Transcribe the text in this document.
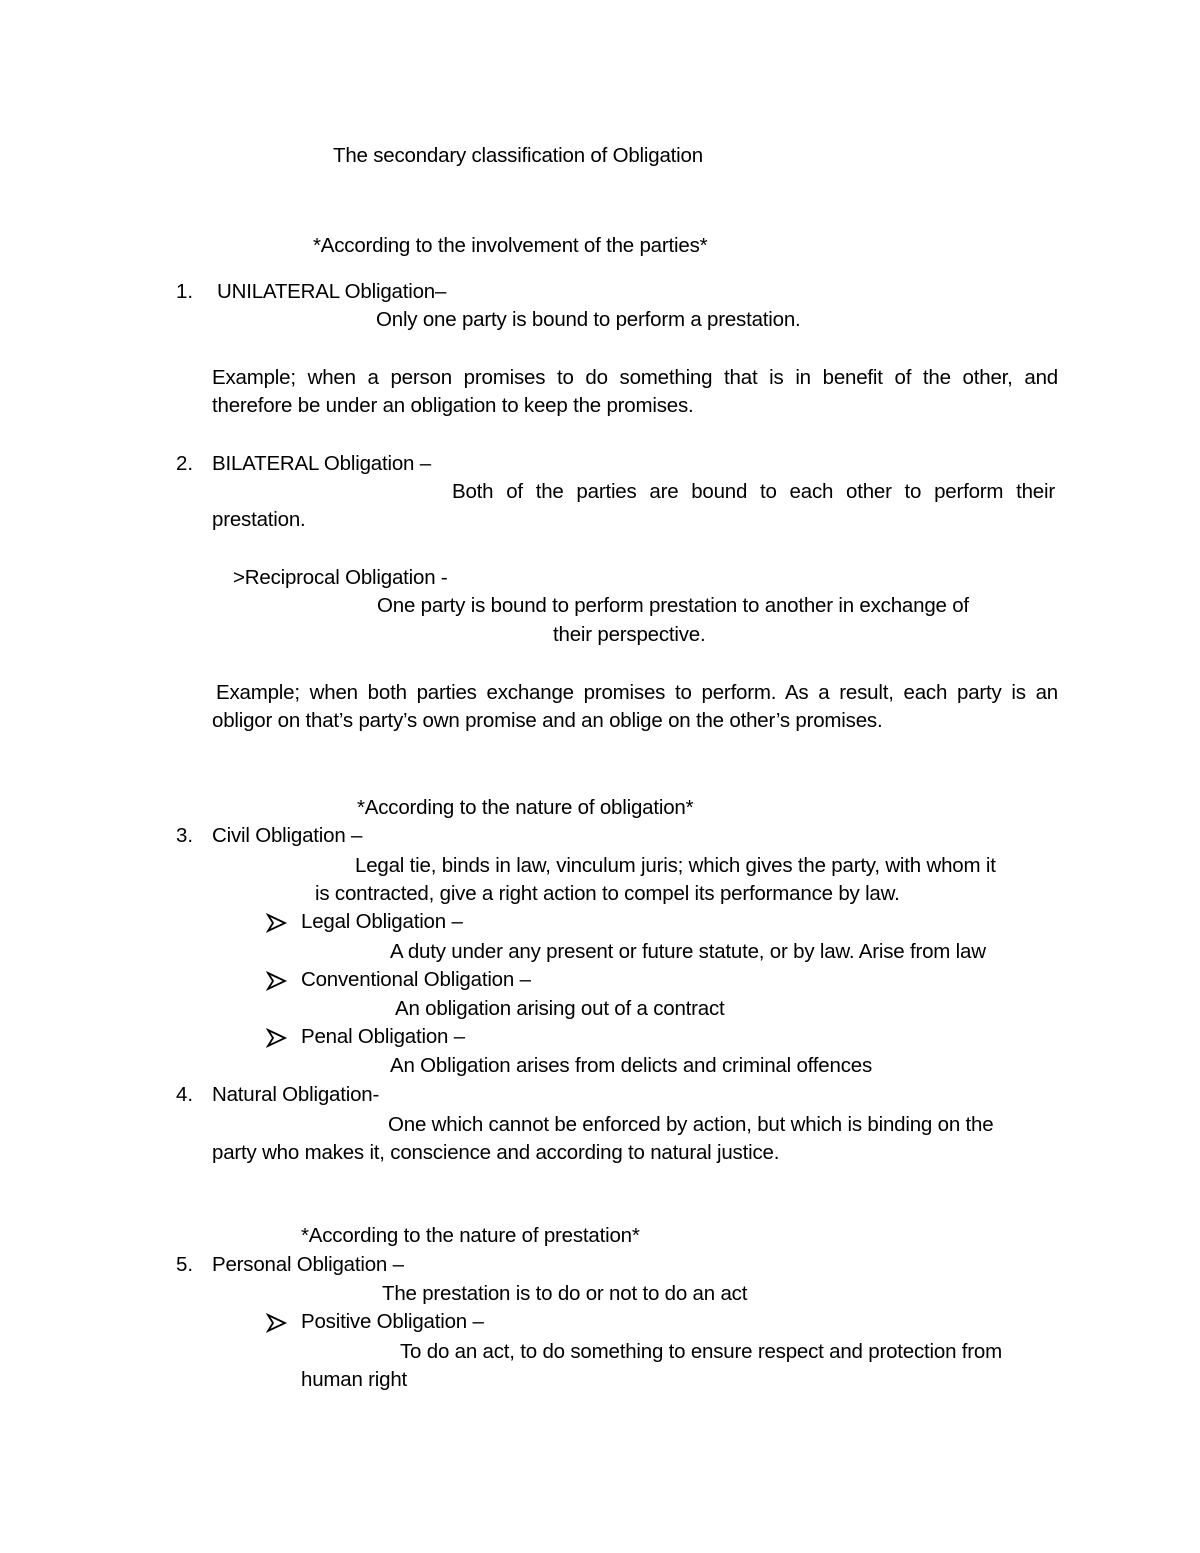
The secondary classification of Obligation
*According to the involvement of the parties*
1. UNILATERAL Obligation–
Only one party is bound to perform a prestation.
Example; when a person promises to do something that is in benefit of the other, and
therefore be under an obligation to keep the promises.
2. BILATERAL Obligation –
Both of the parties are bound to each other to perform their
prestation.
>Reciprocal Obligation -
One party is bound to perform prestation to another in exchange of
their perspective.
Example; when both parties exchange promises to perform. As a result, each party is an
obligor on that’s party’s own promise and an oblige on the other’s promises.
*According to the nature of obligation*
3. Civil Obligation –
Legal tie, binds in law, vinculum juris; which gives the party, with whom it
is contracted, give a right action to compel its performance by law.
Legal Obligation –
A duty under any present or future statute, or by law. Arise from law
Conventional Obligation –
An obligation arising out of a contract
Penal Obligation –
An Obligation arises from delicts and criminal offences
4. Natural Obligation-
One which cannot be enforced by action, but which is binding on the
party who makes it, conscience and according to natural justice.
*According to the nature of prestation*
5. Personal Obligation –
The prestation is to do or not to do an act
Positive Obligation –
To do an act, to do something to ensure respect and protection from
human right
